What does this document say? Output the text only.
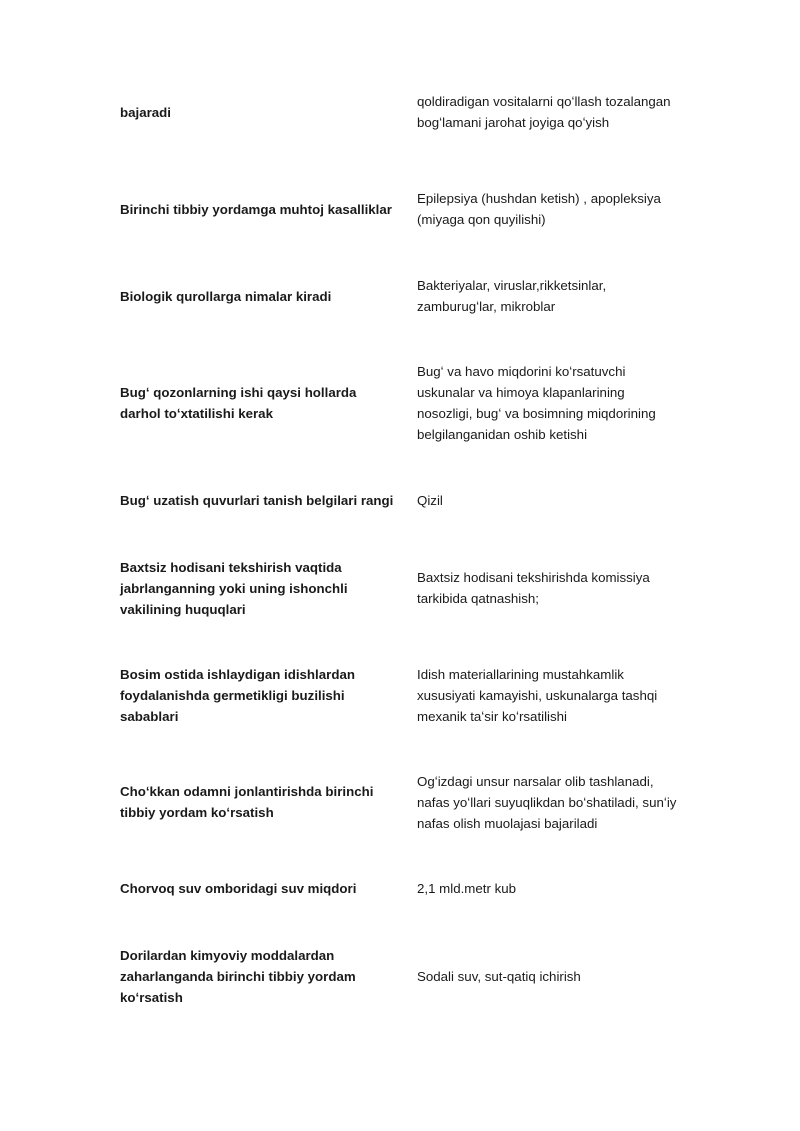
bajaradi
qoldiradigan vositalarni qoʻllash tozalangan bogʻlamani jarohat joyiga qoʻyish
Birinchi tibbiy yordamga muhtoj kasalliklar
Epilepsiya (hushdan ketish) , apopleksiya (miyaga qon quyilishi)
Biologik qurollarga nimalar kiradi
Bakteriyalar, viruslar,rikketsinlar, zamburugʻlar, mikroblar
Bugʻ qozonlarning ishi qaysi hollarda darhol toʻxtatilishi kerak
Bugʻ va havo miqdorini koʻrsatuvchi uskunalar va himoya klapanlarining nosozligi, bugʻ va bosimning miqdorining belgilanganidan oshib ketishi
Bugʻ uzatish quvurlari tanish belgilari rangi Qizil
Baxtsiz hodisani tekshirish vaqtida jabrlanganning yoki uning ishonchli vakilining huquqlari
Baxtsiz hodisani tekshirishda komissiya tarkibida qatnashish;
Bosim ostida ishlaydigan idishlardan foydalanishda germetikligi buzilishi sabablari
Idish materiallarining mustahkamlik xususiyati kamayishi, uskunalarga tashqi mexanik taʻsir koʻrsatilishi
Choʻkkan odamni jonlantirishda birinchi tibbiy yordam koʻrsatish
Ogʻizdagi unsur narsalar olib tashlanadi, nafas yoʻllari suyuqlikdan boʻshatiladi, sunʻiy nafas olish muolajasi bajariladi
Chorvoq suv omboridagi suv miqdori	2,1 mld.metr kub
Dorilardan kimyoviy moddalardan zaharlanganda birinchi tibbiy yordam koʻrsatish
Sodali suv, sut-qatiq ichirish
